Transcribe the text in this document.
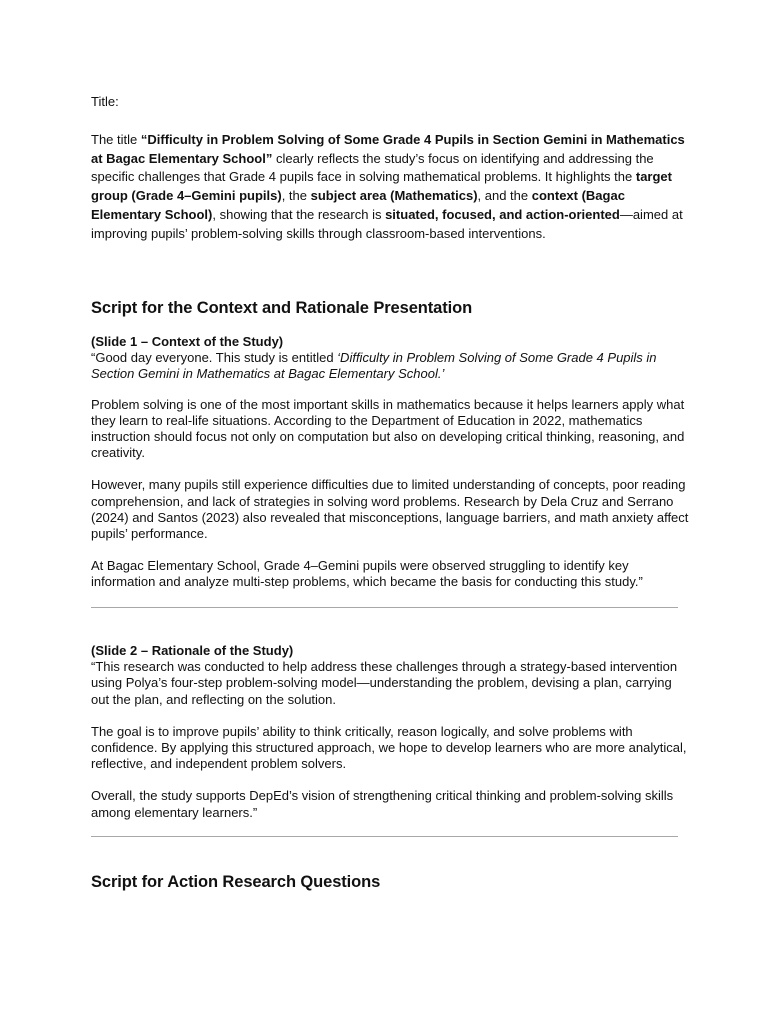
Title:

The title “Difficulty in Problem Solving of Some Grade 4 Pupils in Section Gemini in Mathematics at Bagac Elementary School” clearly reflects the study’s focus on identifying and addressing the specific challenges that Grade 4 pupils face in solving mathematical problems. It highlights the target group (Grade 4–Gemini pupils), the subject area (Mathematics), and the context (Bagac Elementary School), showing that the research is situated, focused, and action-oriented—aimed at improving pupils’ problem-solving skills through classroom-based interventions.

Script for the Context and Rationale Presentation

(Slide 1 – Context of the Study)

“Good day everyone. This study is entitled ‘Difficulty in Problem Solving of Some Grade 4 Pupils in Section Gemini in Mathematics at Bagac Elementary School.’

Problem solving is one of the most important skills in mathematics because it helps learners apply what they learn to real-life situations. According to the Department of Education in 2022, mathematics instruction should focus not only on computation but also on developing critical thinking, reasoning, and creativity.

However, many pupils still experience difficulties due to limited understanding of concepts, poor reading comprehension, and lack of strategies in solving word problems. Research by Dela Cruz and Serrano (2024) and Santos (2023) also revealed that misconceptions, language barriers, and math anxiety affect pupils’ performance.

At Bagac Elementary School, Grade 4–Gemini pupils were observed struggling to identify key information and analyze multi-step problems, which became the basis for conducting this study.”

(Slide 2 – Rationale of the Study)

“This research was conducted to help address these challenges through a strategy-based intervention using Polya’s four-step problem-solving model—understanding the problem, devising a plan, carrying out the plan, and reflecting on the solution.

The goal is to improve pupils’ ability to think critically, reason logically, and solve problems with confidence. By applying this structured approach, we hope to develop learners who are more analytical, reflective, and independent problem solvers.

Overall, the study supports DepEd’s vision of strengthening critical thinking and problem-solving skills among elementary learners.”

Script for Action Research Questions
